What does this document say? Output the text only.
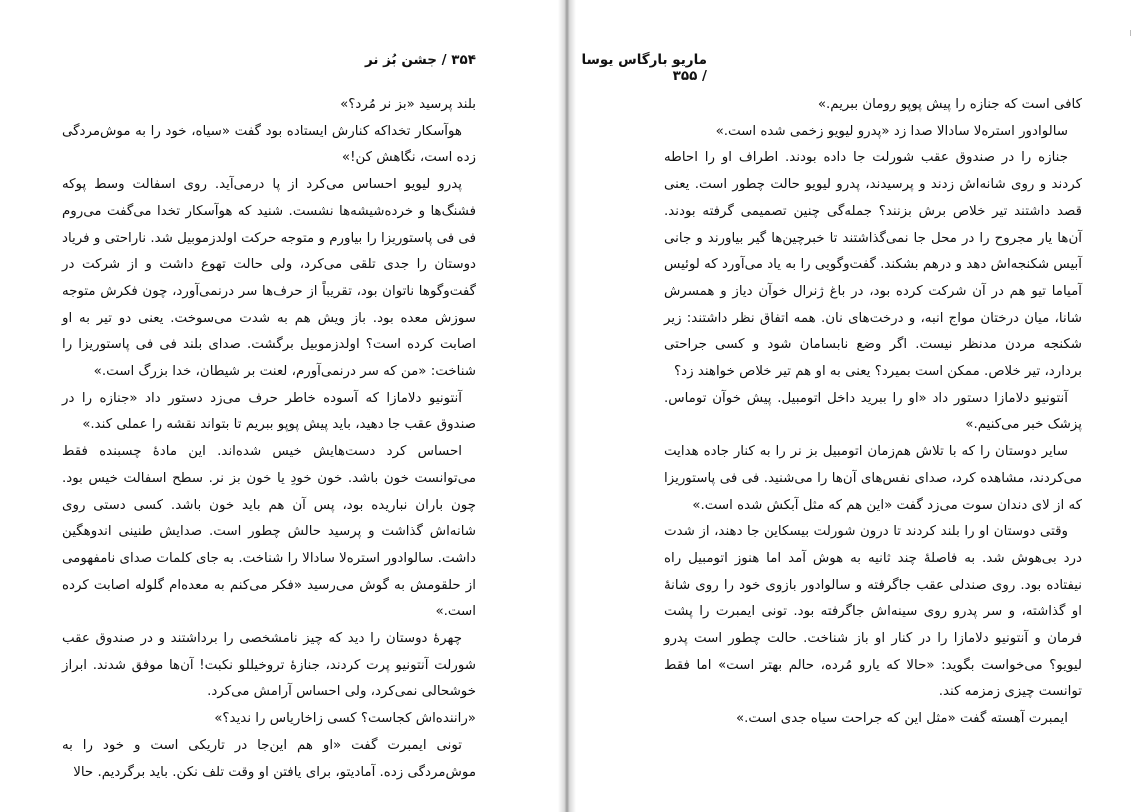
۳۵۴ / جشن بُز نر

بلند پرسید «بز نر مُرد؟»

هوآسکار تخداکه کنارش ایستاده بود گفت «سیاه، خود را به موش‌مردگی زده است، نگاهش کن!»

پدرو لیویو احساس می‌کرد از پا درمی‌آید. روی اسفالت وسط پوکه فشنگ‌ها و خرده‌شیشه‌ها نشست. شنید که هوآسکار تخدا می‌گفت می‌روم فی فی پاستوریزا را بیاورم و متوجه حرکت اولدزموبیل شد. ناراحتی و فریاد دوستان را جدی تلقی می‌کرد، ولی حالت تهوع داشت و از شرکت در گفت‌وگوها ناتوان بود، تقریباً از حرف‌ها سر درنمی‌آورد، چون فکرش متوجه سوزش معده بود. باز ویش هم به شدت می‌سوخت. یعنی دو تیر به او اصابت کرده است؟ اولدزموبیل برگشت. صدای بلند فی فی پاستوریزا را شناخت: «من که سر درنمی‌آورم، لعنت بر شیطان، خدا بزرگ است.»

آنتونیو دلامازا که آسوده خاطر حرف می‌زد دستور داد «جنازه را در صندوق عقب جا دهید، باید پیش پوپو ببریم تا بتواند نقشه را عملی کند.»

احساس کرد دست‌هایش خیس شده‌اند. این مادهٔ چسبنده فقط می‌توانست خون باشد. خون خودِ یا خون بز نر. سطح اسفالت خیس بود. چون باران نباریده بود، پس آن هم باید خون باشد. کسی دستی روی شانه‌اش گذاشت و پرسید حالش چطور است. صدایش طنینی اندوهگین داشت. سالوادور استره‌لا سادالا را شناخت. به جای کلمات صدای نامفهومی از حلقومش به گوش می‌رسید «فکر می‌کنم به معده‌ام گلوله اصابت کرده است.»

چهرهٔ دوستان را دید که چیز نامشخصی را برداشتند و در صندوق عقب شورلت آنتونیو پرت کردند، جنازهٔ تروخیللو نکبت! آن‌ها موفق شدند. ابراز خوشحالی نمی‌کرد، ولی احساس آرامش می‌کرد.

«راننده‌اش کجاست؟ کسی زاخاریاس را ندید؟»

تونی ایمبرت گفت «او هم این‌جا در تاریکی است و خود را به موش‌مردگی زده. آمادیتو، برای یافتن او وقت تلف نکن. باید برگردیم. حالا

ماریو بارگاس یوسا / ۳۵۵

کافی است که جنازه را پیش پوپو رومان ببریم.»

سالوادور استره‌لا سادالا صدا زد «پدرو لیویو زخمی شده است.»

جنازه را در صندوق عقب شورلت جا داده بودند. اطراف او را احاطه کردند و روی شانه‌اش زدند و پرسیدند، پدرو لیویو حالت چطور است. یعنی قصد داشتند تیر خلاص برش بزنند؟ جمله‌گی چنین تصمیمی گرفته بودند. آن‌ها یار مجروح را در محل جا نمی‌گذاشتند تا خبرچین‌ها گیر بیاورند و جانی آبیس شکنجه‌اش دهد و درهم بشکند. گفت‌وگویی را به یاد می‌آورد که لوئیس آمیاما تیو هم در آن شرکت کرده بود، در باغ ژنرال خوآن دیاز و همسرش شانا، میان درختان مواج انبه، و درخت‌های نان. همه اتفاق نظر داشتند: زیر شکنجه مردن مدنظر نیست. اگر وضع نابسامان شود و کسی جراحتی بردارد، تیر خلاص. ممکن است بمیرد؟ یعنی به او هم تیر خلاص خواهند زد؟

آنتونیو دلامازا دستور داد «او را ببرید داخل اتومبیل. پیش خوآن توماس. پزشک خبر می‌کنیم.»

سایر دوستان را که با تلاش هم‌زمان اتومبیل بز نر را به کنار جاده هدایت می‌کردند، مشاهده کرد، صدای نفس‌های آن‌ها را می‌شنید. فی فی پاستوریزا که از لای دندان سوت می‌زد گفت «این هم که مثل آبکش شده است.»

وقتی دوستان او را بلند کردند تا درون شورلت بیسکاین جا دهند، از شدت درد بی‌هوش شد. به فاصلهٔ چند ثانیه به هوش آمد اما هنوز اتومبیل راه نیفتاده بود. روی صندلی عقب جاگرفته و سالوادور بازوی خود را روی شانهٔ او گذاشته، و سر پدرو روی سینه‌اش جاگرفته بود. تونی ایمبرت را پشت فرمان و آنتونیو دلامازا را در کنار او باز شناخت. حالت چطور است پدرو لیویو؟ می‌خواست بگوید: «حالا که یارو مُرده، حالم بهتر است» اما فقط توانست چیزی زمزمه کند.

ایمبرت آهسته گفت «مثل این که جراحت سیاه جدی است.»
